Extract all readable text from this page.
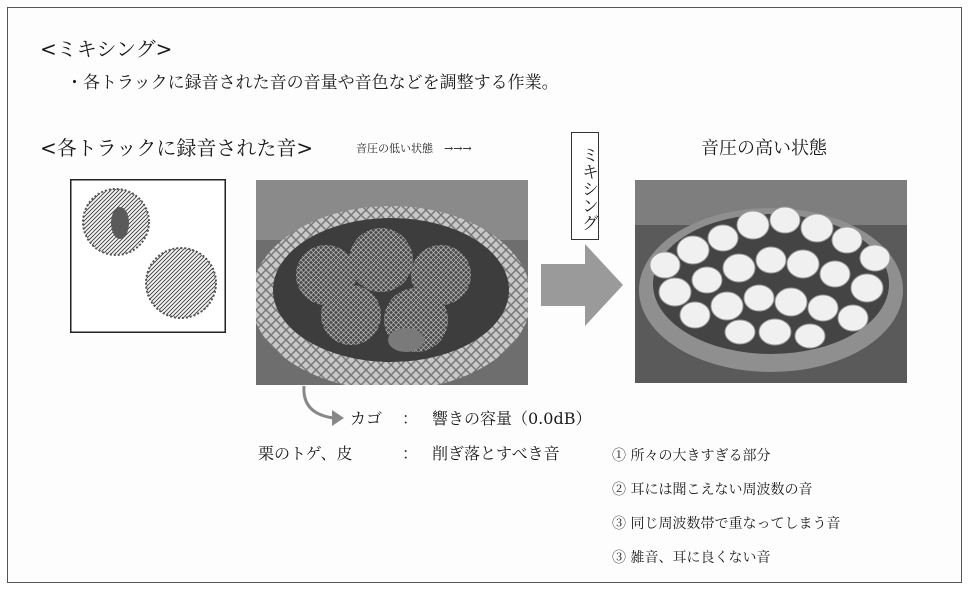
<ミキシング>
・各トラックに録音された音の音量や音色などを調整する作業。
<各トラックに録音された音>	音圧の低い状態　→→→	音圧の高い状態
ミキシング
カゴ ： 響きの容量（0.0dB）
栗のトゲ、皮	： 削ぎ落とすべき音	① 所々の大きすぎる部分
② 耳には聞こえない周波数の音
③ 同じ周波数帯で重なってしまう音
③ 雑音、耳に良くない音
